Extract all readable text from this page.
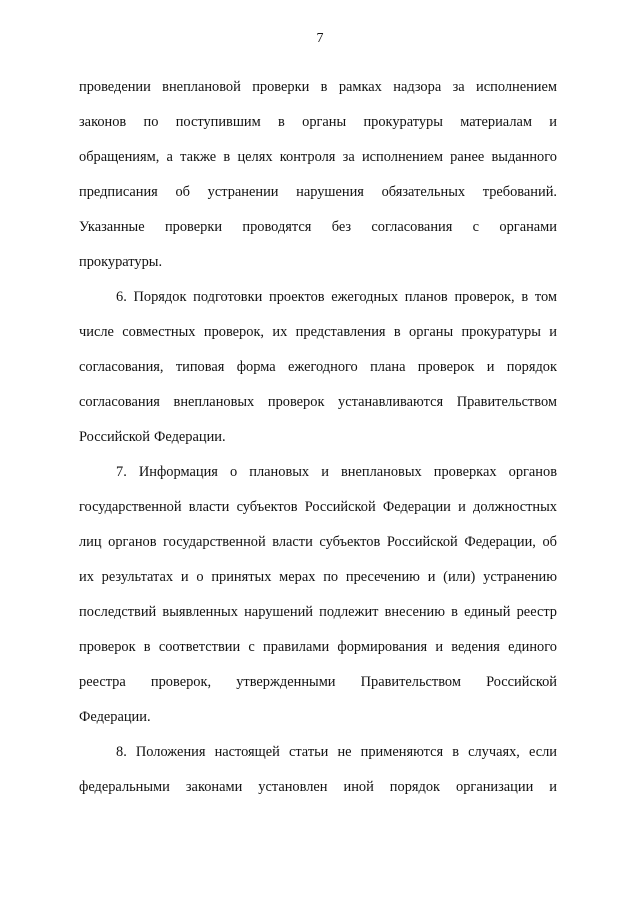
7
проведении внеплановой проверки в рамках надзора за исполнением
законов по поступившим в органы прокуратуры материалам и
обращениям, а также в целях контроля за исполнением ранее выданного
предписания об устранении нарушения обязательных требований.
Указанные проверки проводятся без согласования с органами
прокуратуры.
6. Порядок подготовки проектов ежегодных планов проверок, в том
числе совместных проверок, их представления в органы прокуратуры и
согласования, типовая форма ежегодного плана проверок и порядок
согласования внеплановых проверок устанавливаются Правительством
Российской Федерации.
7. Информация о плановых и внеплановых проверках органов
государственной власти субъектов Российской Федерации и должностных
лиц органов государственной власти субъектов Российской Федерации, об
их результатах и о принятых мерах по пресечению и (или) устранению
последствий выявленных нарушений подлежит внесению в единый реестр
проверок в соответствии с правилами формирования и ведения единого
реестра проверок, утвержденными Правительством Российской
Федерации.
8. Положения настоящей статьи не применяются в случаях, если
федеральными законами установлен иной порядок организации и
